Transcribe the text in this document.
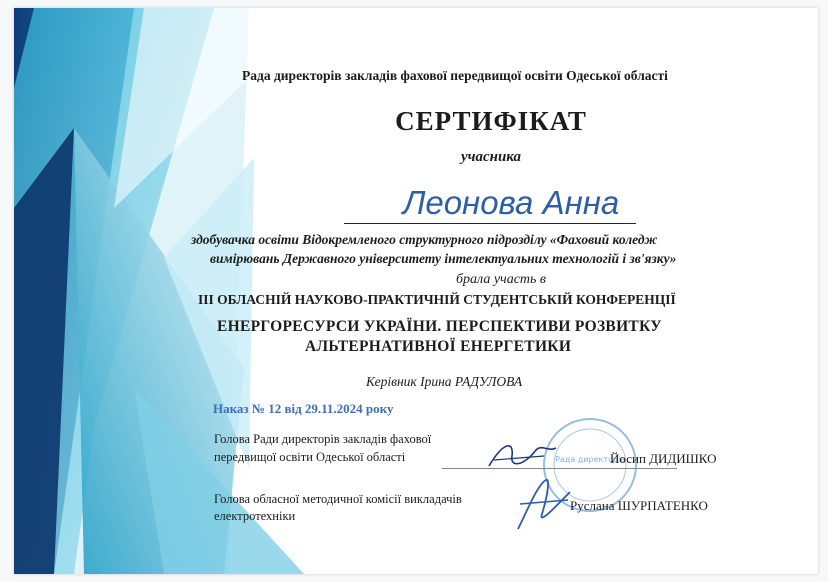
Рада директорів закладів фахової передвищої освіти Одеської області
СЕРТИФІКАТ
учасника
Леонова Анна
здобувачка освіти Відокремленого структурного підрозділу «Фаховий коледж
вимірювань Державного університету інтелектуальних технологій і зв'язку»
брала участь в
III ОБЛАСНІЙ НАУКОВО-ПРАКТИЧНІЙ СТУДЕНТСЬКІЙ КОНФЕРЕНЦІЇ
ЕНЕРГОРЕСУРСИ УКРАЇНИ. ПЕРСПЕКТИВИ РОЗВИТКУ
АЛЬТЕРНАТИВНОЇ ЕНЕРГЕТИКИ
Керівник Ірина РАДУЛОВА
Наказ № 12 від 29.11.2024 року
Рада директорів
Голова Ради директорів закладів фахової
передвищої освіти Одеської області	Йосип ДИДИШКО
Голова обласної методичної комісії викладачів
електротехніки
Руслана ШУРПАТЕНКО
